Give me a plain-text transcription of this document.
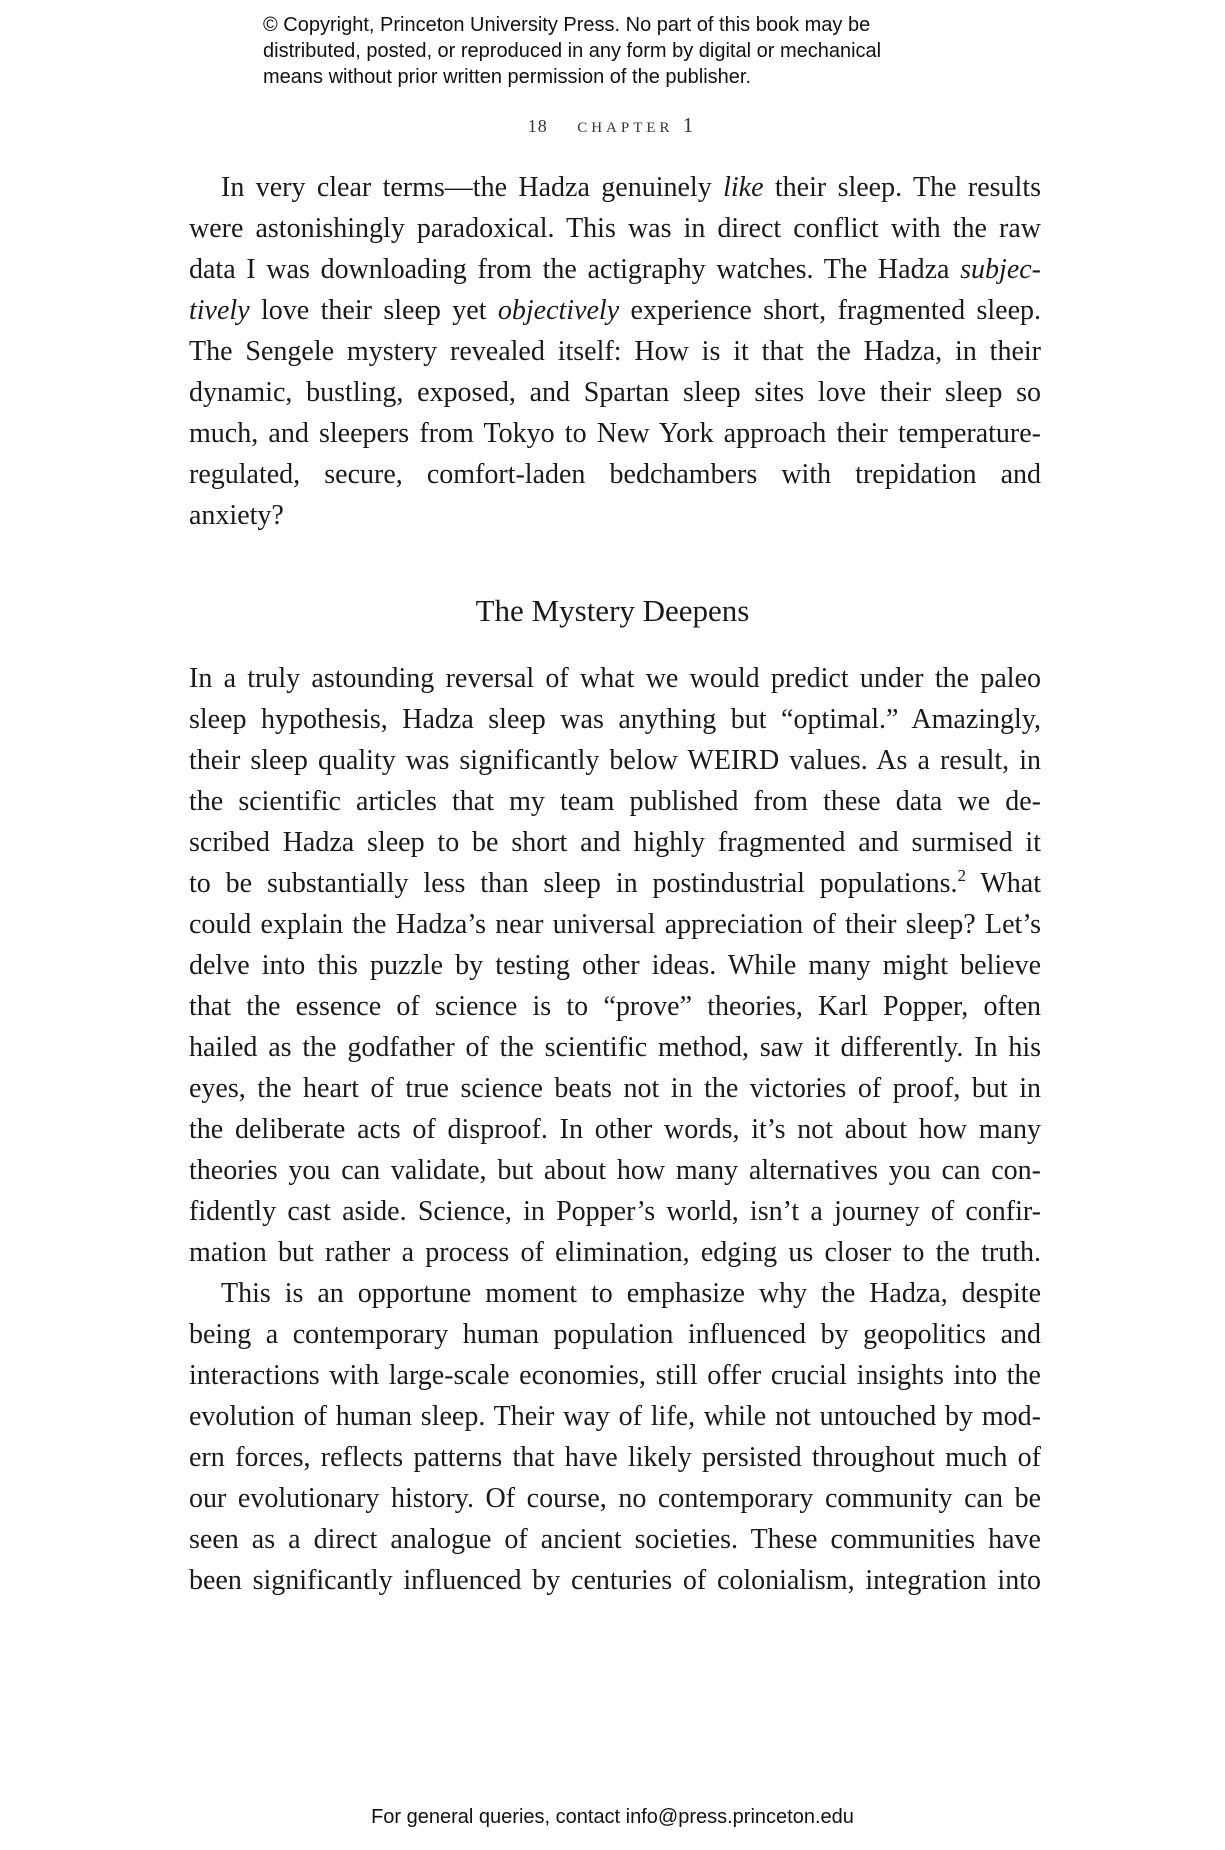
© Copyright, Princeton University Press. No part of this book may be
distributed, posted, or reproduced in any form by digital or mechanical
means without prior written permission of the publisher.
18 chapter 1
In very clear terms—the Hadza genuinely like their sleep. The results
were astonishingly paradoxical. This was in direct conflict with the raw
data I was downloading from the actigraphy watches. The Hadza subjec-
tively love their sleep yet objectively experience short, fragmented sleep.
The Sengele mystery revealed itself: How is it that the Hadza, in their
dynamic, bustling, exposed, and Spartan sleep sites love their sleep so
much, and sleepers from Tokyo to New York approach their temperature-
regulated, secure, comfort-laden bedchambers with trepidation and
anxiety?
The Mystery Deepens
In a truly astounding reversal of what we would predict under the paleo
sleep hypothesis, Hadza sleep was anything but “optimal.” Amazingly,
their sleep quality was significantly below WEIRD values. As a result, in
the scientific articles that my team published from these data we de-
scribed Hadza sleep to be short and highly fragmented and surmised it
to be substantially less than sleep in postindustrial populations.$^2$ What
could explain the Hadza’s near universal appreciation of their sleep? Let’s
delve into this puzzle by testing other ideas. While many might believe
that the essence of science is to “prove” theories, Karl Popper, often
hailed as the godfather of the scientific method, saw it differently. In his
eyes, the heart of true science beats not in the victories of proof, but in
the deliberate acts of disproof. In other words, it’s not about how many
theories you can validate, but about how many alternatives you can con-
fidently cast aside. Science, in Popper’s world, isn’t a journey of confir-
mation but rather a process of elimination, edging us closer to the truth.
This is an opportune moment to emphasize why the Hadza, despite
being a contemporary human population influenced by geopolitics and
interactions with large-scale economies, still offer crucial insights into the
evolution of human sleep. Their way of life, while not untouched by mod-
ern forces, reflects patterns that have likely persisted throughout much of
our evolutionary history. Of course, no contemporary community can be
seen as a direct analogue of ancient societies. These communities have
been significantly influenced by centuries of colonialism, integration into
For general queries, contact info@press.princeton.edu
